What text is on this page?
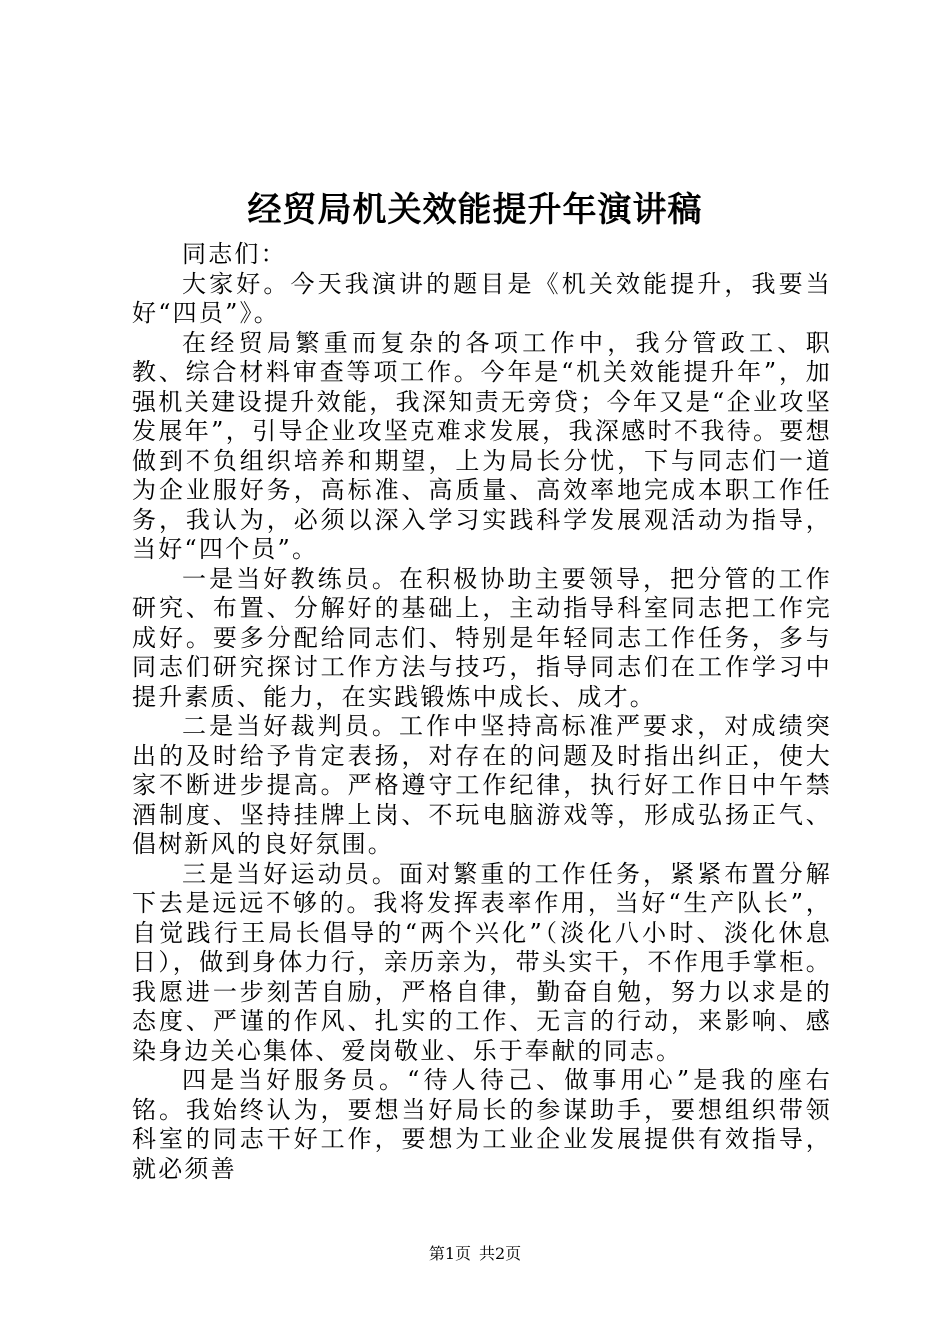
经贸局机关效能提升年演讲稿

同志们：

大家好。今天我演讲的题目是《机关效能提升，我要当好“四员”》。

在经贸局繁重而复杂的各项工作中，我分管政工、职教、综合材料审查等项工作。今年是“机关效能提升年”，加强机关建设提升效能，我深知责无旁贷；今年又是“企业攻坚发展年”，引导企业攻坚克难求发展，我深感时不我待。要想做到不负组织培养和期望，上为局长分忧，下与同志们一道为企业服好务，高标准、高质量、高效率地完成本职工作任务，我认为，必须以深入学习实践科学发展观活动为指导，当好“四个员”。

一是当好教练员。在积极协助主要领导，把分管的工作研究、布置、分解好的基础上，主动指导科室同志把工作完成好。要多分配给同志们、特别是年轻同志工作任务，多与同志们研究探讨工作方法与技巧，指导同志们在工作学习中提升素质、能力，在实践锻炼中成长、成才。

二是当好裁判员。工作中坚持高标准严要求，对成绩突出的及时给予肯定表扬，对存在的问题及时指出纠正，使大家不断进步提高。严格遵守工作纪律，执行好工作日中午禁酒制度、坚持挂牌上岗、不玩电脑游戏等，形成弘扬正气、倡树新风的良好氛围。

三是当好运动员。面对繁重的工作任务，紧紧布置分解下去是远远不够的。我将发挥表率作用，当好“生产队长”，自觉践行王局长倡导的“两个兴化”（淡化八小时、淡化休息日），做到身体力行，亲历亲为，带头实干，不作甩手掌柜。我愿进一步刻苦自励，严格自律，勤奋自勉，努力以求是的态度、严谨的作风、扎实的工作、无言的行动，来影响、感染身边关心集体、爱岗敬业、乐于奉献的同志。

四是当好服务员。“待人待己、做事用心”是我的座右铭。我始终认为，要想当好局长的参谋助手，要想组织带领科室的同志干好工作，要想为工业企业发展提供有效指导，就必须善

第1页 共2页
